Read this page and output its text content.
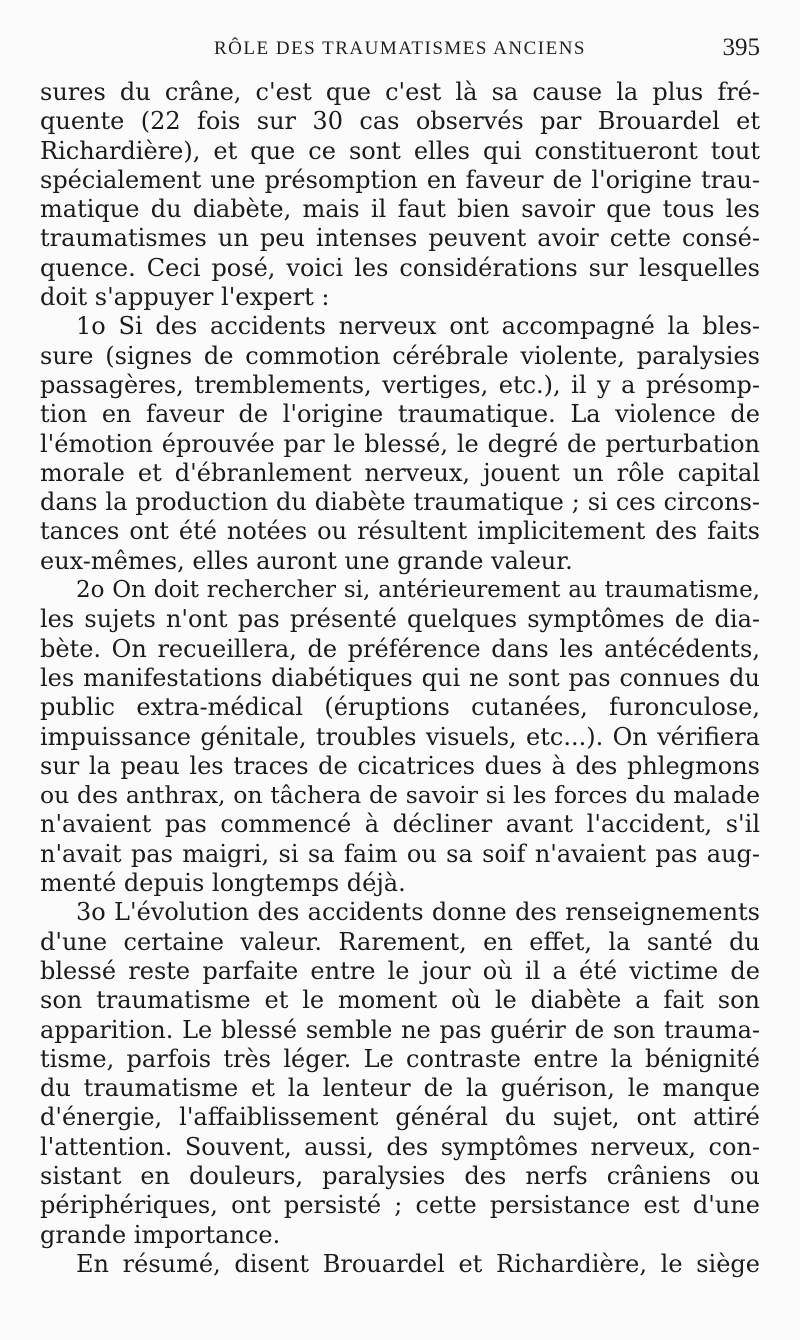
RÔLE DES TRAUMATISMES ANCIENS	395
sures du crâne, c'est que c'est là sa cause la plus fré-
quente (22 fois sur 30 cas observés par Brouardel et
Richardière), et que ce sont elles qui constitueront tout
spécialement une présomption en faveur de l'origine trau-
matique du diabète, mais il faut bien savoir que tous les
traumatismes un peu intenses peuvent avoir cette consé-
quence. Ceci posé, voici les considérations sur lesquelles
doit s'appuyer l'expert :
1o Si des accidents nerveux ont accompagné la bles-
sure (signes de commotion cérébrale violente, paralysies
passagères, tremblements, vertiges, etc.), il y a présomp-
tion en faveur de l'origine traumatique. La violence de
l'émotion éprouvée par le blessé, le degré de perturbation
morale et d'ébranlement nerveux, jouent un rôle capital
dans la production du diabète traumatique ; si ces circons-
tances ont été notées ou résultent implicitement des faits
eux-mêmes, elles auront une grande valeur.
2o On doit rechercher si, antérieurement au traumatisme,
les sujets n'ont pas présenté quelques symptômes de dia-
bète. On recueillera, de préférence dans les antécédents,
les manifestations diabétiques qui ne sont pas connues du
public extra-médical (éruptions cutanées, furonculose,
impuissance génitale, troubles visuels, etc...). On vérifiera
sur la peau les traces de cicatrices dues à des phlegmons
ou des anthrax, on tâchera de savoir si les forces du malade
n'avaient pas commencé à décliner avant l'accident, s'il
n'avait pas maigri, si sa faim ou sa soif n'avaient pas aug-
menté depuis longtemps déjà.
3o L'évolution des accidents donne des renseignements
d'une certaine valeur. Rarement, en effet, la santé du
blessé reste parfaite entre le jour où il a été victime de
son traumatisme et le moment où le diabète a fait son
apparition. Le blessé semble ne pas guérir de son trauma-
tisme, parfois très léger. Le contraste entre la bénignité
du traumatisme et la lenteur de la guérison, le manque
d'énergie, l'affaiblissement général du sujet, ont attiré
l'attention. Souvent, aussi, des symptômes nerveux, con-
sistant en douleurs, paralysies des nerfs crâniens ou
périphériques, ont persisté ; cette persistance est d'une
grande importance.
En résumé, disent Brouardel et Richardière, le siège
